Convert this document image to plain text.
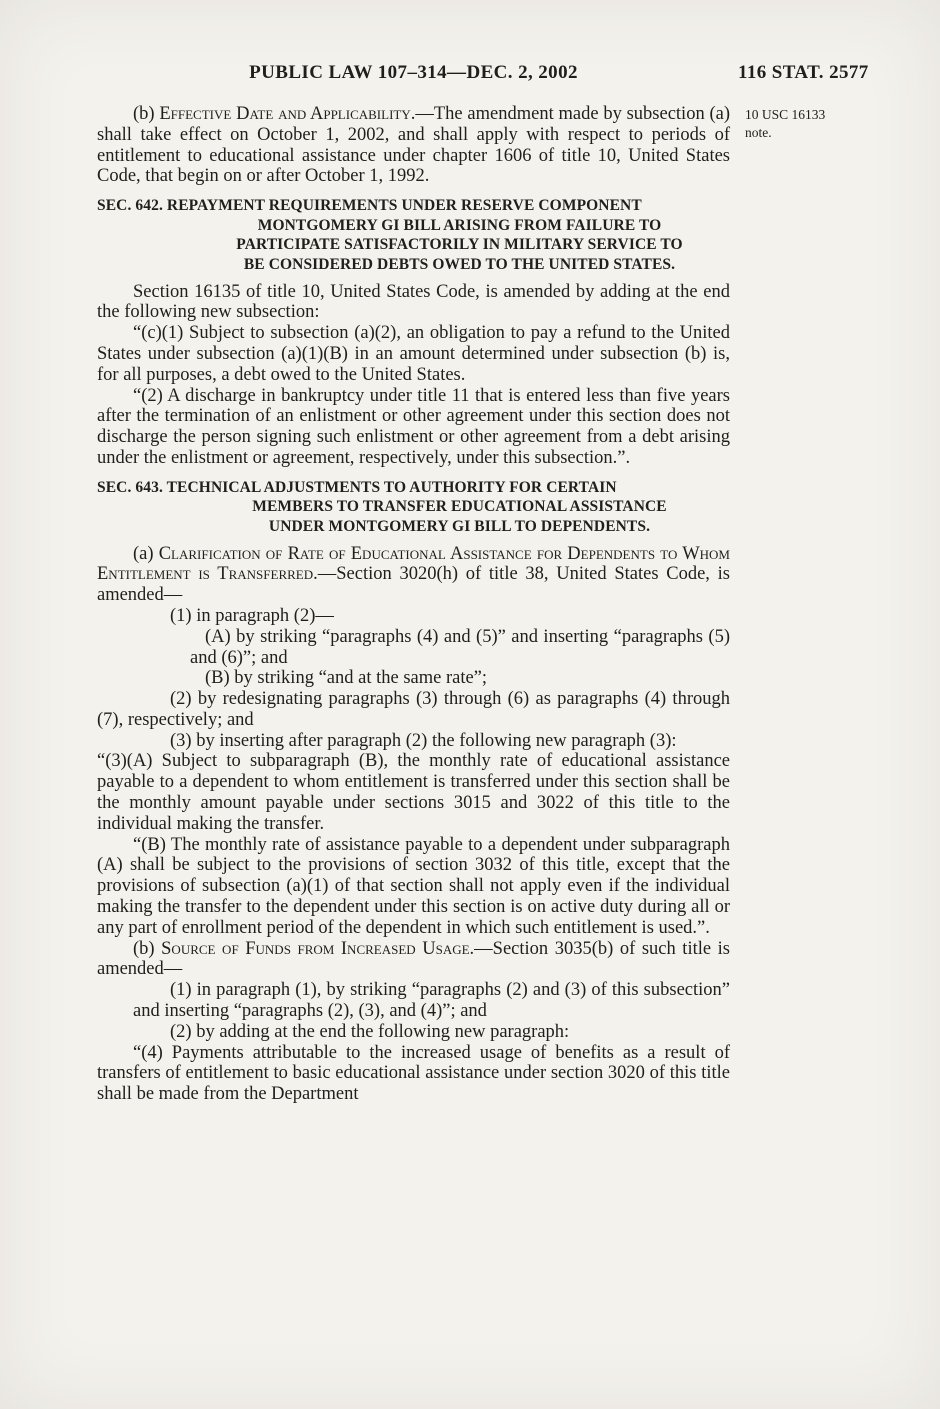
PUBLIC LAW 107–314—DEC. 2, 2002	116 STAT. 2577

(b) Effective Date and Applicability.—The amendment made by subsection (a) shall take effect on October 1, 2002, and shall apply with respect to periods of entitlement to educational assistance under chapter 1606 of title 10, United States Code, that begin on or after October 1, 1992.

SEC. 642. REPAYMENT REQUIREMENTS UNDER RESERVE COMPONENT
MONTGOMERY GI BILL ARISING FROM FAILURE TO
PARTICIPATE SATISFACTORILY IN MILITARY SERVICE TO
BE CONSIDERED DEBTS OWED TO THE UNITED STATES.

Section 16135 of title 10, United States Code, is amended by adding at the end the following new subsection:

“(c)(1) Subject to subsection (a)(2), an obligation to pay a refund to the United States under subsection (a)(1)(B) in an amount determined under subsection (b) is, for all purposes, a debt owed to the United States.

“(2) A discharge in bankruptcy under title 11 that is entered less than five years after the termination of an enlistment or other agreement under this section does not discharge the person signing such enlistment or other agreement from a debt arising under the enlistment or agreement, respectively, under this subsection.”.

SEC. 643. TECHNICAL ADJUSTMENTS TO AUTHORITY FOR CERTAIN
MEMBERS TO TRANSFER EDUCATIONAL ASSISTANCE
UNDER MONTGOMERY GI BILL TO DEPENDENTS.

(a) Clarification of Rate of Educational Assistance for Dependents to Whom Entitlement is Transferred.—Section 3020(h) of title 38, United States Code, is amended—

(1) in paragraph (2)—

(A) by striking “paragraphs (4) and (5)” and inserting “paragraphs (5) and (6)”; and

(B) by striking “and at the same rate”;

(2) by redesignating paragraphs (3) through (6) as paragraphs (4) through (7), respectively; and

(3) by inserting after paragraph (2) the following new paragraph (3):

“(3)(A) Subject to subparagraph (B), the monthly rate of educational assistance payable to a dependent to whom entitlement is transferred under this section shall be the monthly amount payable under sections 3015 and 3022 of this title to the individual making the transfer.

“(B) The monthly rate of assistance payable to a dependent under subparagraph (A) shall be subject to the provisions of section 3032 of this title, except that the provisions of subsection (a)(1) of that section shall not apply even if the individual making the transfer to the dependent under this section is on active duty during all or any part of enrollment period of the dependent in which such entitlement is used.”.

(b) Source of Funds from Increased Usage.—Section 3035(b) of such title is amended—

(1) in paragraph (1), by striking “paragraphs (2) and (3) of this subsection” and inserting “paragraphs (2), (3), and (4)”; and

(2) by adding at the end the following new paragraph:

“(4) Payments attributable to the increased usage of benefits as a result of transfers of entitlement to basic educational assistance under section 3020 of this title shall be made from the Department

10 USC 16133
note.
